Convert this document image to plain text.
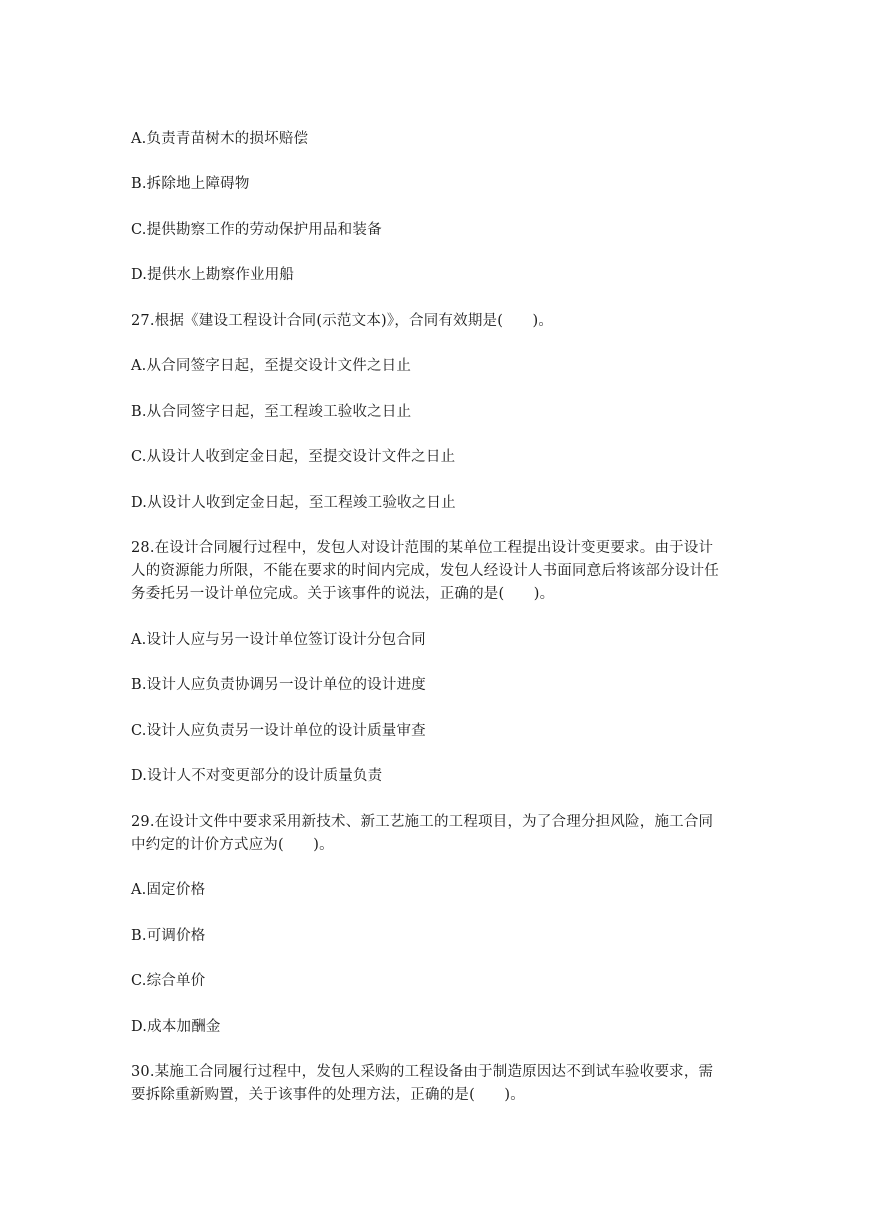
A.负责青苗树木的损坏赔偿
B.拆除地上障碍物
C.提供勘察工作的劳动保护用品和装备
D.提供水上勘察作业用船
27.根据《建设工程设计合同(示范文本)》，合同有效期是(　　)。
A.从合同签字日起，至提交设计文件之日止
B.从合同签字日起，至工程竣工验收之日止
C.从设计人收到定金日起，至提交设计文件之日止
D.从设计人收到定金日起，至工程竣工验收之日止
28.在设计合同履行过程中，发包人对设计范围的某单位工程提出设计变更要求。由于设计
人的资源能力所限，不能在要求的时间内完成，发包人经设计人书面同意后将该部分设计任
务委托另一设计单位完成。关于该事件的说法，正确的是(　　)。
A.设计人应与另一设计单位签订设计分包合同
B.设计人应负责协调另一设计单位的设计进度
C.设计人应负责另一设计单位的设计质量审查
D.设计人不对变更部分的设计质量负责
29.在设计文件中要求采用新技术、新工艺施工的工程项目，为了合理分担风险，施工合同
中约定的计价方式应为(　　)。
A.固定价格
B.可调价格
C.综合单价
D.成本加酬金
30.某施工合同履行过程中，发包人采购的工程设备由于制造原因达不到试车验收要求，需
要拆除重新购置，关于该事件的处理方法，正确的是(　　)。
